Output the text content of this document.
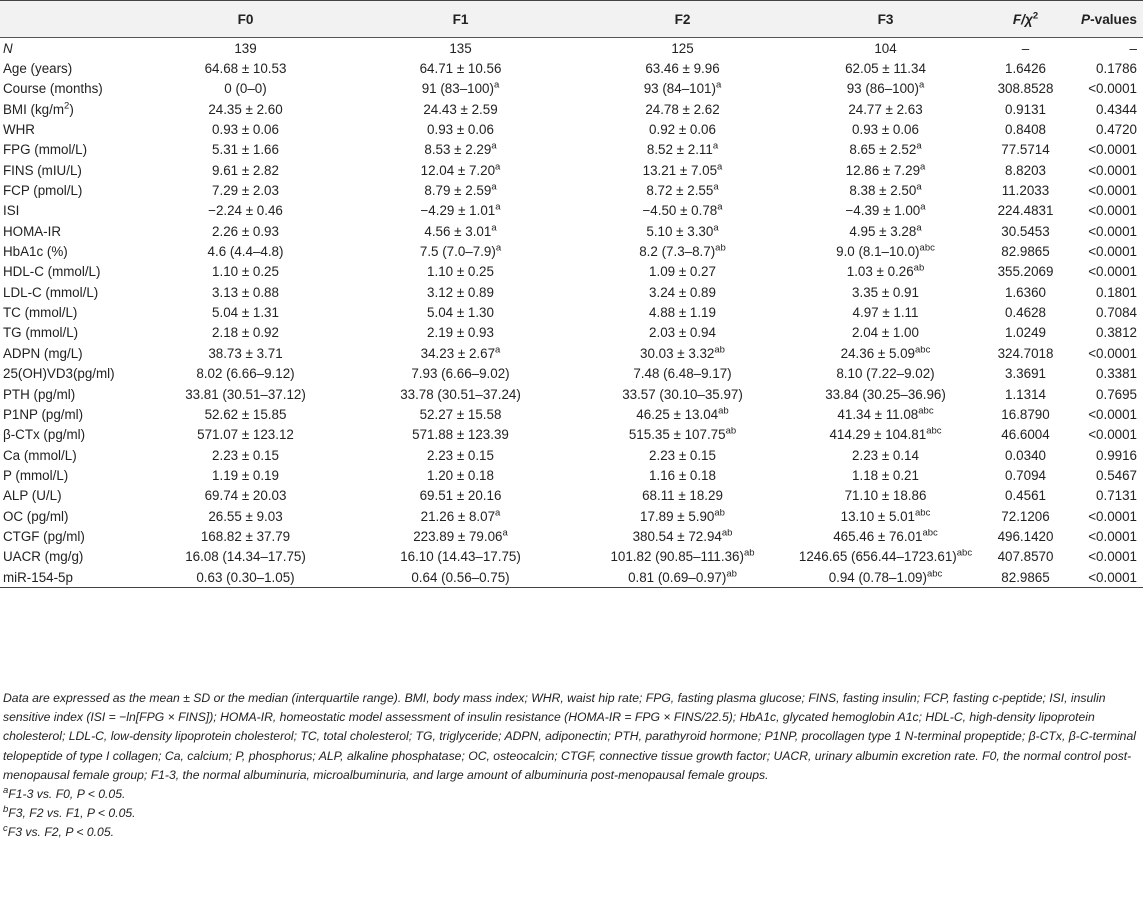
	F0	F1	F2	F3	$F/\chi^2$	P-values
N	139	135	125	104	–	–
Age (years)	64.68 ± 10.53	64.71 ± 10.56	63.46 ± 9.96	62.05 ± 11.34	1.6426	0.1786
Course (months)	0 (0–0)	91 $(83-100)^a$	93 $(84-101)^a$	93 $(86-100)^a$	308.8528	<0.0001
BMI $(kg/m^2)$	24.35 ± 2.60	24.43 ± 2.59	24.78 ± 2.62	24.77 ± 2.63	0.9131	0.4344
WHR	0.93 ± 0.06	0.93 ± 0.06	0.92 ± 0.06	0.93 ± 0.06	0.8408	0.4720
FPG (mmol/L)	5.31 ± 1.66	8.53 ± 2.29$^a$	8.52 ± 2.11$^a$	8.65 ± 2.52$^a$	77.5714	<0.0001
FINS (mIU/L)	9.61 ± 2.82	12.04 ± 7.20$^a$	13.21 ± 7.05$^a$	12.86 ± 7.29$^a$	8.8203	<0.0001
FCP (pmol/L)	7.29 ± 2.03	8.79 ± 2.59$^a$	8.72 ± 2.55$^a$	8.38 ± 2.50$^a$	11.2033	<0.0001
ISI	−2.24 ± 0.46	−4.29 ± 1.01$^a$	−4.50 ± 0.78$^a$	−4.39 ± 1.00$^a$	224.4831	<0.0001
HOMA-IR	2.26 ± 0.93	4.56 ± 3.01$^a$	5.10 ± 3.30$^a$	4.95 ± 3.28$^a$	30.5453	<0.0001
HbA1c (%)	4.6 (4.4–4.8)	7.5 $(7.0-7.9)^a$	8.2 $(7.3-8.7)^{ab}$	9.0 $(8.1-10.0)^{abc}$	82.9865	<0.0001
HDL-C (mmol/L)	1.10 ± 0.25	1.10 ± 0.25	1.09 ± 0.27	1.03 ± 0.26$^{ab}$	355.2069	<0.0001
LDL-C (mmol/L)	3.13 ± 0.88	3.12 ± 0.89	3.24 ± 0.89	3.35 ± 0.91	1.6360	0.1801
TC (mmol/L)	5.04 ± 1.31	5.04 ± 1.30	4.88 ± 1.19	4.97 ± 1.11	0.4628	0.7084
TG (mmol/L)	2.18 ± 0.92	2.19 ± 0.93	2.03 ± 0.94	2.04 ± 1.00	1.0249	0.3812
ADPN (mg/L)	38.73 ± 3.71	34.23 ± 2.67$^a$	30.03 ± 3.32$^{ab}$	24.36 ± 5.09$^{abc}$	324.7018	<0.0001
25(OH)VD3(pg/ml)	8.02 (6.66–9.12)	7.93 (6.66–9.02)	7.48 (6.48–9.17)	8.10 (7.22–9.02)	3.3691	0.3381
PTH (pg/ml)	33.81 (30.51–37.12)	33.78 (30.51–37.24)	33.57 (30.10–35.97)	33.84 (30.25–36.96)	1.1314	0.7695
P1NP (pg/ml)	52.62 ± 15.85	52.27 ± 15.58	46.25 ± 13.04$^{ab}$	41.34 ± 11.08$^{abc}$	16.8790	<0.0001
β-CTx (pg/ml)	571.07 ± 123.12	571.88 ± 123.39	515.35 ± 107.75$^{ab}$	414.29 ± 104.81$^{abc}$	46.6004	<0.0001
Ca (mmol/L)	2.23 ± 0.15	2.23 ± 0.15	2.23 ± 0.15	2.23 ± 0.14	0.0340	0.9916
P (mmol/L)	1.19 ± 0.19	1.20 ± 0.18	1.16 ± 0.18	1.18 ± 0.21	0.7094	0.5467
ALP (U/L)	69.74 ± 20.03	69.51 ± 20.16	68.11 ± 18.29	71.10 ± 18.86	0.4561	0.7131
OC (pg/ml)	26.55 ± 9.03	21.26 ± 8.07$^a$	17.89 ± 5.90$^{ab}$	13.10 ± 5.01$^{abc}$	72.1206	<0.0001
CTGF (pg/ml)	168.82 ± 37.79	223.89 ± 79.06$^a$	380.54 ± 72.94$^{ab}$	465.46 ± 76.01$^{abc}$	496.1420	<0.0001
UACR (mg/g)	16.08 (14.34–17.75)	16.10 (14.43–17.75)	101.82 $(90.85-111.36)^{ab}$	1246.65 $(656.44-1723.61)^{abc}$	407.8570	<0.0001
miR-154-5p	0.63 (0.30–1.05)	0.64 (0.56–0.75)	0.81 $(0.69-0.97)^{ab}$	0.94 $(0.78-1.09)^{abc}$	82.9865	<0.0001

Data are expressed as the mean ± SD or the median (interquartile range). BMI, body mass index; WHR, waist hip rate; FPG, fasting plasma glucose; FINS, fasting insulin; FCP, fasting c-peptide; ISI, insulin sensitive index (ISI = −ln[FPG × FINS]); HOMA-IR, homeostatic model assessment of insulin resistance (HOMA-IR = FPG × FINS/22.5); HbA1c, glycated hemoglobin A1c; HDL-C, high-density lipoprotein cholesterol; LDL-C, low-density lipoprotein cholesterol; TC, total cholesterol; TG, triglyceride; ADPN, adiponectin; PTH, parathyroid hormone; P1NP, procollagen type 1 N-terminal propeptide; β-CTx, β-C-terminal telopeptide of type I collagen; Ca, calcium; P, phosphorus; ALP, alkaline phosphatase; OC, osteocalcin; CTGF, connective tissue growth factor; UACR, urinary albumin excretion rate. F0, the normal control post-menopausal female group; F1-3, the normal albuminuria, microalbuminuria, and large amount of albuminuria post-menopausal female groups.

$^a$F1-3 vs. F0, P < 0.05.

$^b$F3, F2 vs. F1, P < 0.05.

$^c$F3 vs. F2, P < 0.05.
